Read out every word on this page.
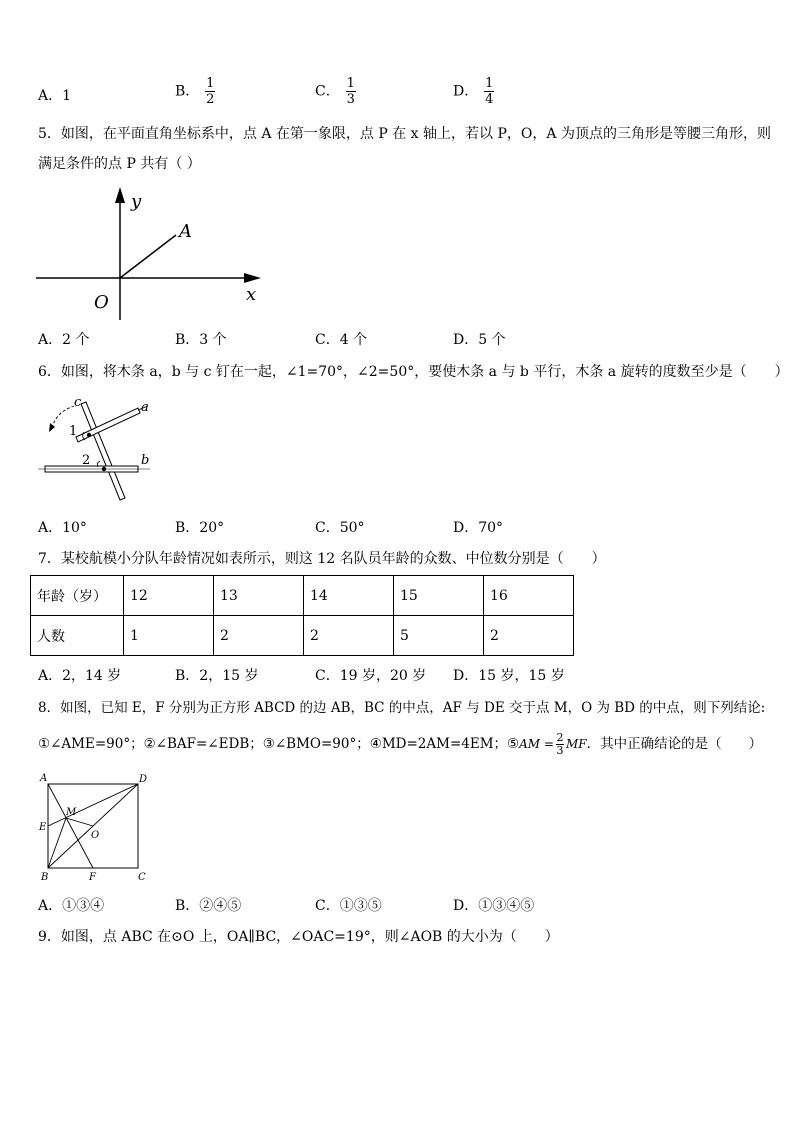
A．1	B． $\frac{1}{2}$	C． $\frac{1}{3}$	D． $\frac{1}{4}$
5．如图，在平面直角坐标系中，点 A 在第一象限，点 P 在 x 轴上，若以 P，O，A 为顶点的三角形是等腰三角形，则
满足条件的点 P 共有（ ）
y
x
A
O
A．2 个	B．3 个	C．4 个	D．5 个
6．如图，将木条 a，b 与 c 钉在一起，∠1=70°，∠2=50°，要使木条 a 与 b 平行，木条 a 旋转的度数至少是（　　）
c	a
b
1
2
A．10°	B．20°	C．50°	D．70°
7．某校航模小分队年龄情况如表所示，则这 12 名队员年龄的众数、中位数分别是（　　）
年龄（岁）	12	13	14	15	16
人数	1	2	2	5	2
A．2，14 岁	B．2，15 岁	C．19 岁，20 岁 D．15 岁，15 岁
8．如图，已知 E，F 分别为正方形 ABCD 的边 AB，BC 的中点，AF 与 DE 交于点 M，O 为 BD 的中点，则下列结论:
①∠AME=90°；②∠BAF=∠EDB；③∠BMO=90°；④MD=2AM=4EM；⑤AM = $\frac{2}{3}$ MF．其中正确结论的是（　　）
A	D
M
E
O
B	F	C
A．①③④	B．②④⑤	C．①③⑤	D．①③④⑤
9．如图，点 ABC 在⊙O 上，OA∥BC，∠OAC=19°，则∠AOB 的大小为（　　）
